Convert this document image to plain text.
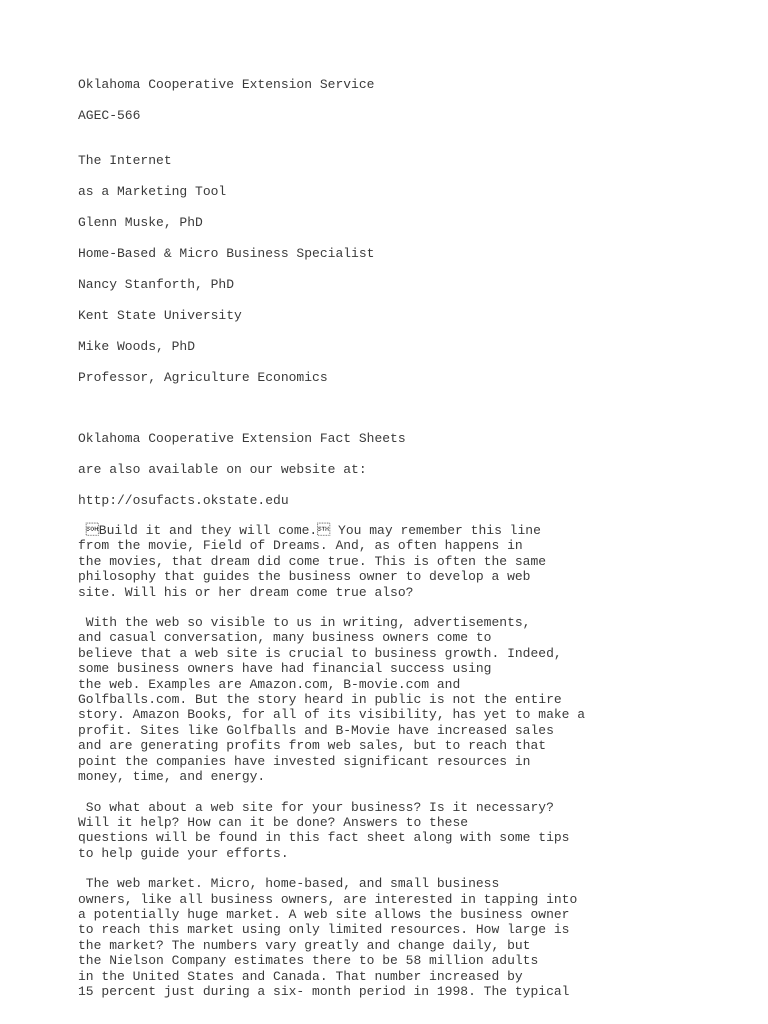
Oklahoma Cooperative Extension Service

AGEC-566

The Internet

as a Marketing Tool

Glenn Muske, PhD

Home-Based & Micro Business Specialist

Nancy Stanforth, PhD

Kent State University

Mike Woods, PhD

Professor, Agriculture Economics

Oklahoma Cooperative Extension Fact Sheets

are also available on our website at:

http://osufacts.okstate.edu

Build it and they will come. You may remember this line
from the movie, Field of Dreams. And, as often happens in
the movies, that dream did come true. This is often the same
philosophy that guides the business owner to develop a web
site. Will his or her dream come true also?

With the web so visible to us in writing, advertisements,
and casual conversation, many business owners come to
believe that a web site is crucial to business growth. Indeed,
some business owners have had financial success using
the web. Examples are Amazon.com, B-movie.com and
Golfballs.com. But the story heard in public is not the entire
story. Amazon Books, for all of its visibility, has yet to make a
profit. Sites like Golfballs and B-Movie have increased sales
and are generating profits from web sales, but to reach that
point the companies have invested significant resources in
money, time, and energy.

So what about a web site for your business? Is it necessary?
Will it help? How can it be done? Answers to these
questions will be found in this fact sheet along with some tips
to help guide your efforts.

The web market. Micro, home-based, and small business
owners, like all business owners, are interested in tapping into
a potentially huge market. A web site allows the business owner
to reach this market using only limited resources. How large is
the market? The numbers vary greatly and change daily, but
the Nielson Company estimates there to be 58 million adults
in the United States and Canada. That number increased by
15 percent just during a six- month period in 1998. The typical
